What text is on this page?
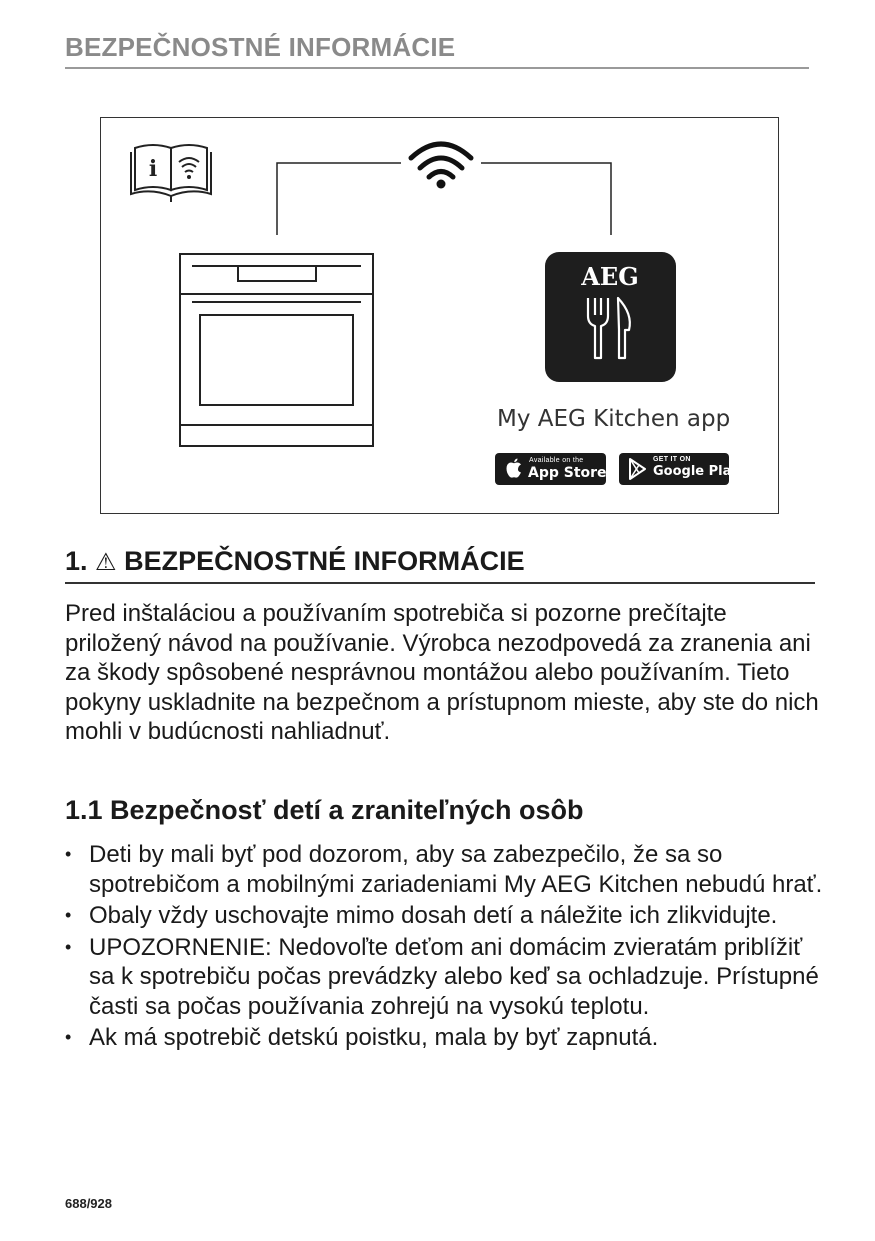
BEZPEČNOSTNÉ INFORMÁCIE
i
AEG
My AEG Kitchen app
Available on the
App Store
GET IT ON
Google Play
1. ⚠ BEZPEČNOSTNÉ INFORMÁCIE

Pred inštaláciou a používaním spotrebiča si pozorne prečítajte priložený návod na používanie. Výrobca nezodpovedá za zranenia ani za škody spôsobené nesprávnou montážou alebo používaním. Tieto pokyny uskladnite na bezpečnom a prístupnom mieste, aby ste do nich mohli v budúcnosti nahliadnuť.

1.1 Bezpečnosť detí a zraniteľných osôb
• Deti by mali byť pod dozorom, aby sa zabezpečilo, že sa so spotrebičom a mobilnými zariadeniami My AEG Kitchen nebudú hrať.
• Obaly vždy uschovajte mimo dosah detí a náležite ich zlikvidujte.
• UPOZORNENIE: Nedovoľte deťom ani domácim zvieratám priblížiť sa k spotrebiču počas prevádzky alebo keď sa ochladzuje. Prístupné časti sa počas používania zohrejú na vysokú teplotu.
• Ak má spotrebič detskú poistku, mala by byť zapnutá.
688/928
